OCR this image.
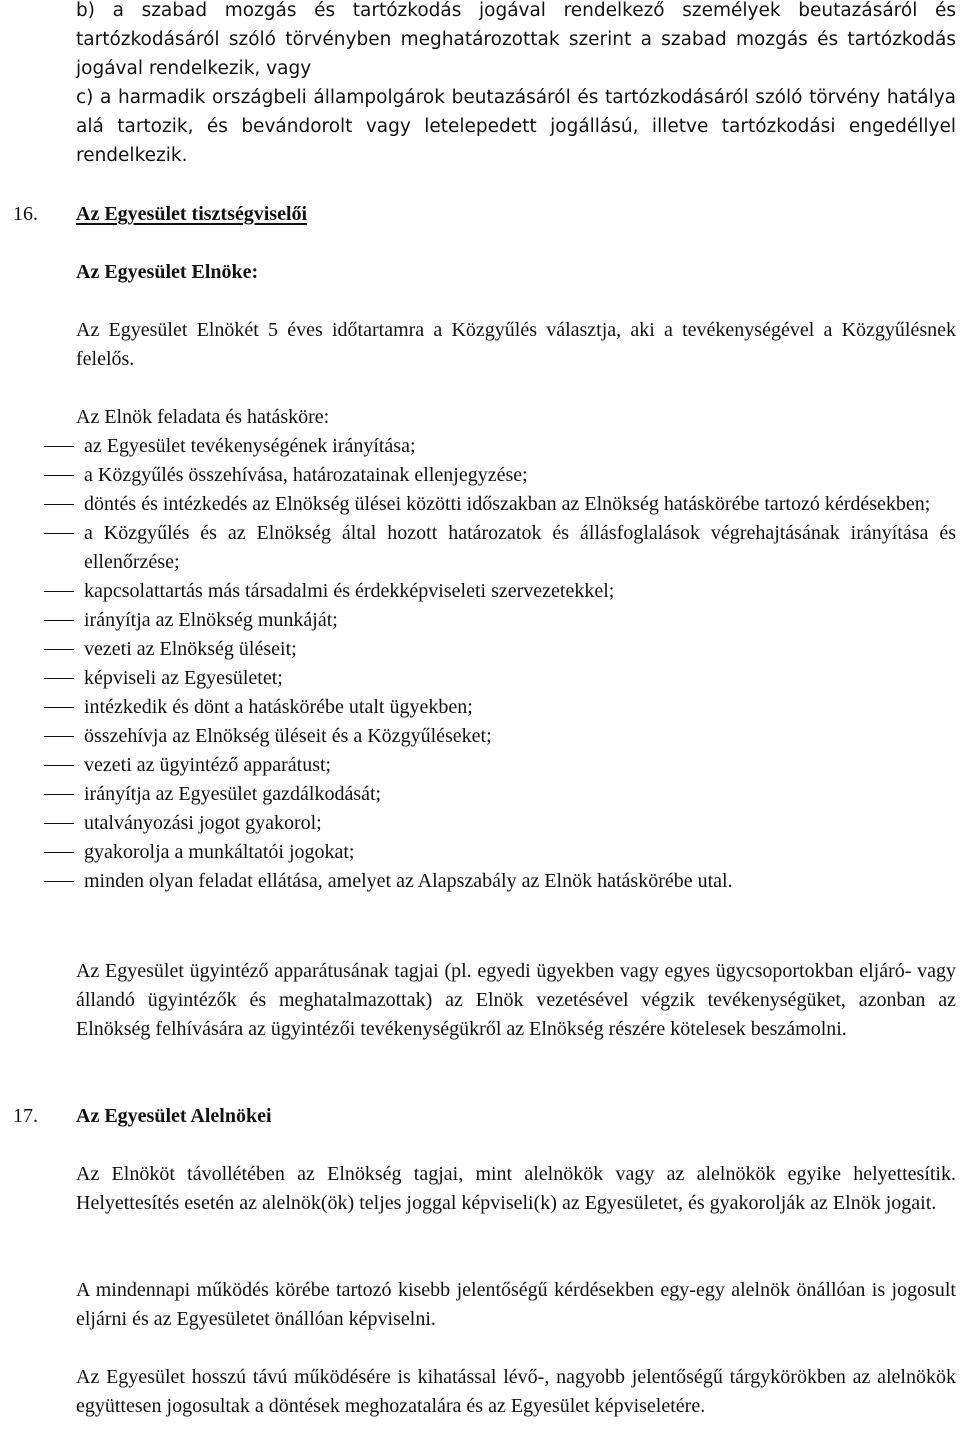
b) a szabad mozgás és tartózkodás jogával rendelkező személyek beutazásáról és tartózkodásáról szóló törvényben meghatározottak szerint a szabad mozgás és tartózkodás jogával rendelkezik, vagy
c) a harmadik országbeli állampolgárok beutazásáról és tartózkodásáról szóló törvény hatálya alá tartozik, és bevándorolt vagy letelepedett jogállású, illetve tartózkodási engedéllyel rendelkezik.
16. Az Egyesület tisztségviselői
Az Egyesület Elnöke:
Az Egyesület Elnökét 5 éves időtartamra a Közgyűlés választja, aki a tevékenységével a Közgyűlésnek felelős.
Az Elnök feladata és hatásköre:
az Egyesület tevékenységének irányítása;
a Közgyűlés összehívása, határozatainak ellenjegyzése;
döntés és intézkedés az Elnökség ülései közötti időszakban az Elnökség hatáskörébe tartozó kérdésekben;
a Közgyűlés és az Elnökség által hozott határozatok és állásfoglalások végrehajtásának irányítása és ellenőrzése;
kapcsolattartás más társadalmi és érdekképviseleti szervezetekkel;
irányítja az Elnökség munkáját;
vezeti az Elnökség üléseit;
képviseli az Egyesületet;
intézkedik és dönt a hatáskörébe utalt ügyekben;
összehívja az Elnökség üléseit és a Közgyűléseket;
vezeti az ügyintéző apparátust;
irányítja az Egyesület gazdálkodását;
utalványozási jogot gyakorol;
gyakorolja a munkáltatói jogokat;
minden olyan feladat ellátása, amelyet az Alapszabály az Elnök hatáskörébe utal.
Az Egyesület ügyintéző apparátusának tagjai (pl. egyedi ügyekben vagy egyes ügycsoportokban eljáró- vagy állandó ügyintézők és meghatalmazottak) az Elnök vezetésével végzik tevékenységüket, azonban az Elnökség felhívására az ügyintézői tevékenységükről az Elnökség részére kötelesek beszámolni.
17. Az Egyesület Alelnökei
Az Elnököt távollétében az Elnökség tagjai, mint alelnökök vagy az alelnökök egyike helyettesítik. Helyettesítés esetén az alelnök(ök) teljes joggal képviseli(k) az Egyesületet, és gyakorolják az Elnök jogait.
A mindennapi működés körébe tartozó kisebb jelentőségű kérdésekben egy-egy alelnök önállóan is jogosult eljárni és az Egyesületet önállóan képviselni.
Az Egyesület hosszú távú működésére is kihatással lévő-, nagyobb jelentőségű tárgykörökben az alelnökök együttesen jogosultak a döntések meghozatalára és az Egyesület képviseletére.
